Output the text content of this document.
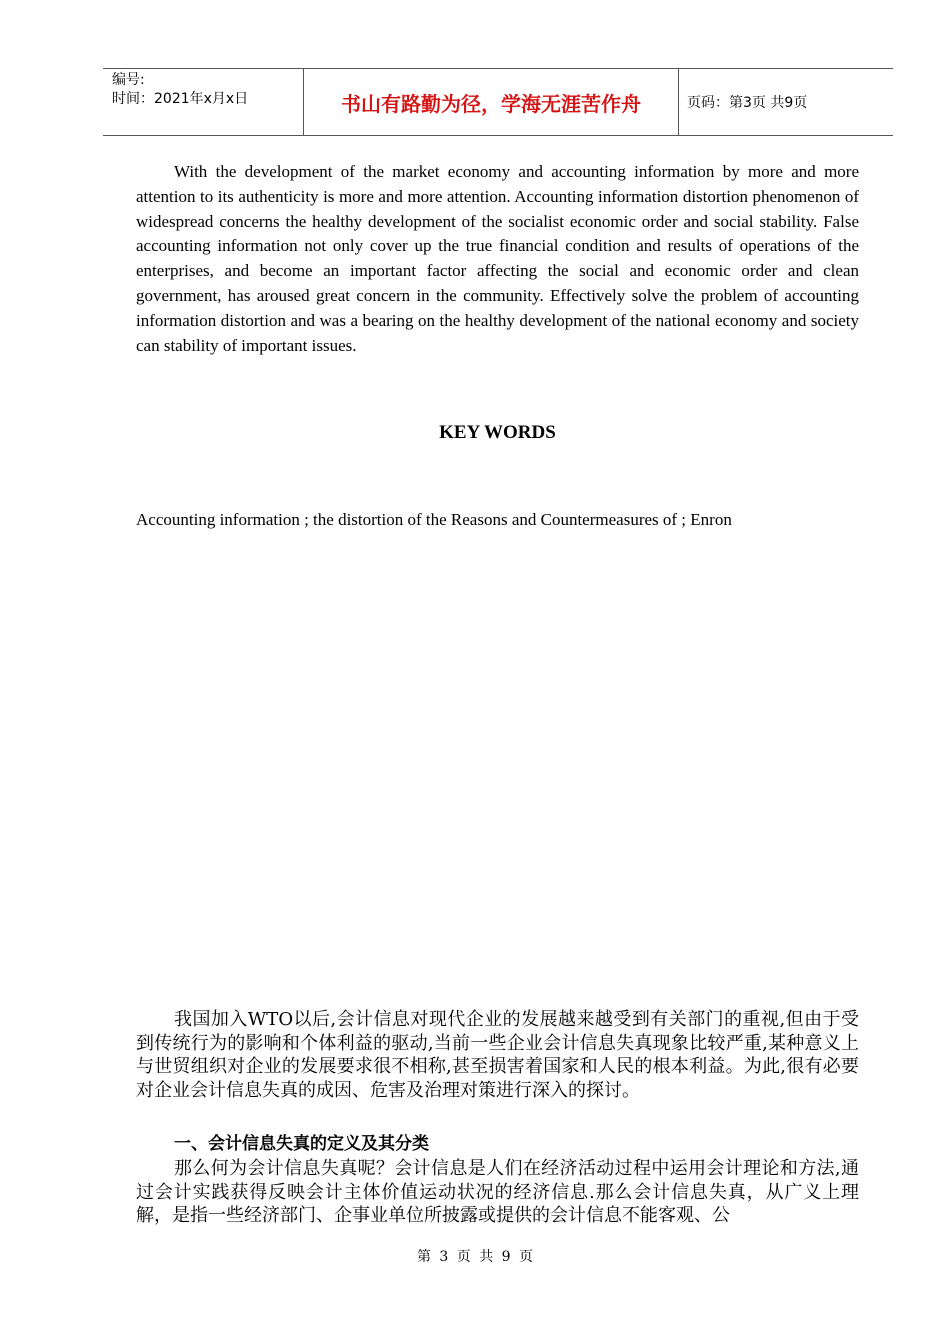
编号:
时间：2021年x月x日	书山有路勤为径，学海无涯苦作舟	页码：第3页 共9页

With the development of the market economy and accounting information by more and more attention to its authenticity is more and more attention. Accounting information distortion phenomenon of widespread concerns the healthy development of the socialist economic order and social stability. False accounting information not only cover up the true financial condition and results of operations of the enterprises, and become an important factor affecting the social and economic order and clean government, has aroused great concern in the community. Effectively solve the problem of accounting information distortion and was a bearing on the healthy development of the national economy and society can stability of important issues.

KEY WORDS

Accounting information ; the distortion of the Reasons and Countermeasures of ; Enron

我国加入WTO以后,会计信息对现代企业的发展越来越受到有关部门的重视,但由于受到传统行为的影响和个体利益的驱动,当前一些企业会计信息失真现象比较严重,某种意义上与世贸组织对企业的发展要求很不相称,甚至损害着国家和人民的根本利益。为此,很有必要对企业会计信息失真的成因、危害及治理对策进行深入的探讨。

一、会计信息失真的定义及其分类

那么何为会计信息失真呢？会计信息是人们在经济活动过程中运用会计理论和方法,通过会计实践获得反映会计主体价值运动状况的经济信息.那么会计信息失真，从广义上理解，是指一些经济部门、企事业单位所披露或提供的会计信息不能客观、公

第 3 页 共 9 页
